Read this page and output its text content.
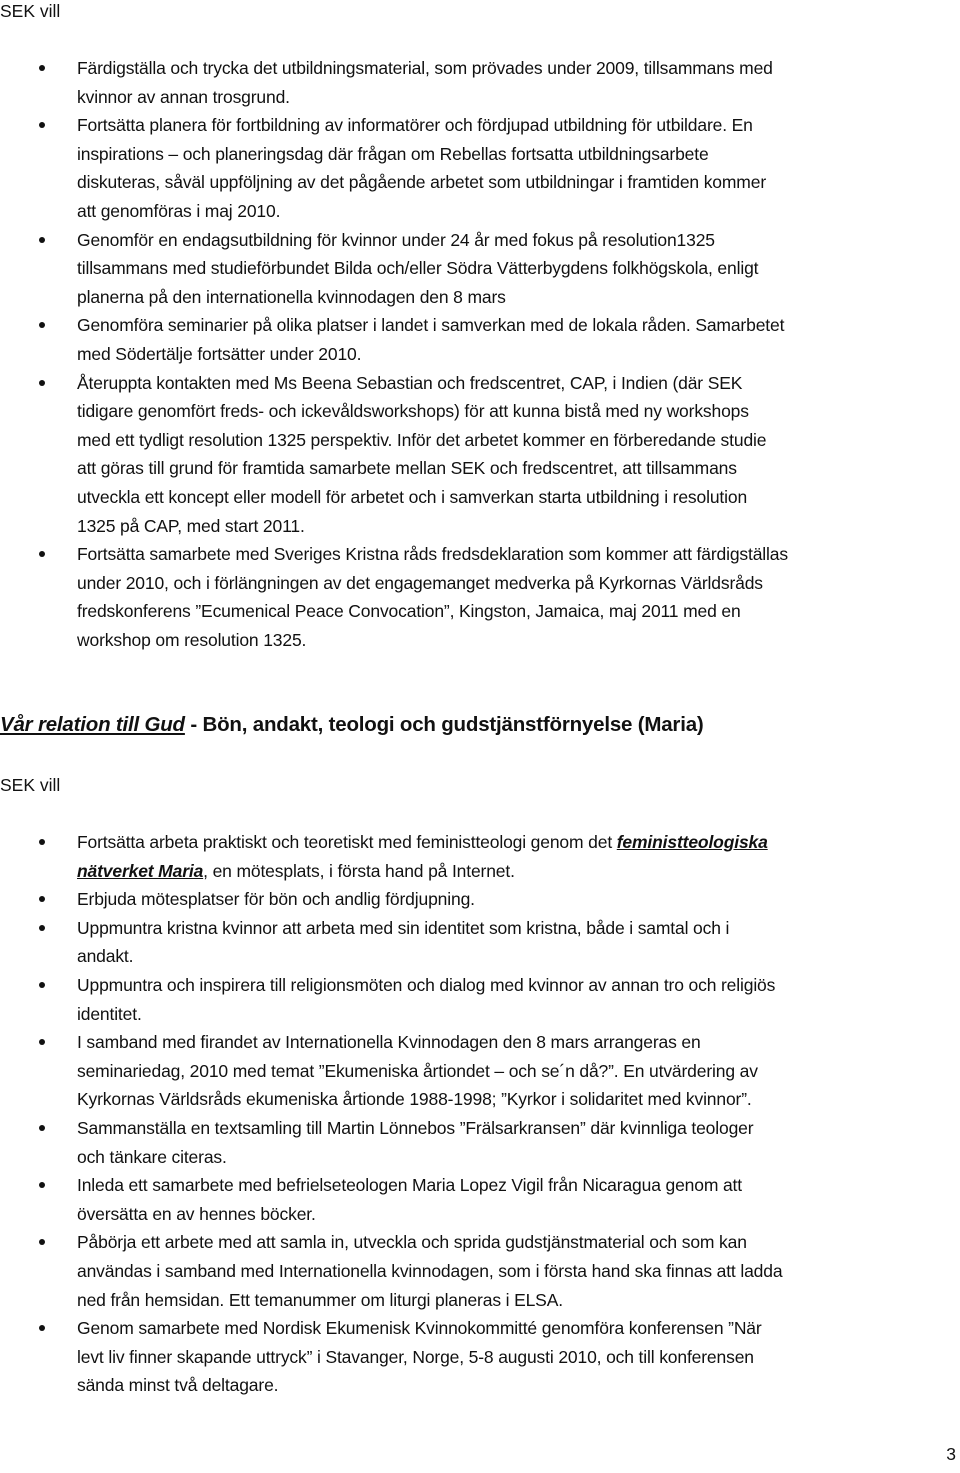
SEK vill
Färdigställa och trycka det utbildningsmaterial, som prövades under 2009, tillsammans med
kvinnor av annan trosgrund.
Fortsätta planera för fortbildning av informatörer och fördjupad utbildning för utbildare. En
inspirations – och planeringsdag där frågan om Rebellas fortsatta utbildningsarbete
diskuteras, såväl uppföljning av det pågående arbetet som utbildningar i framtiden kommer
att genomföras i maj 2010.
Genomför en endagsutbildning för kvinnor under 24 år med fokus på resolution1325
tillsammans med studieförbundet Bilda och/eller Södra Vätterbygdens folkhögskola, enligt
planerna på den internationella kvinnodagen den 8 mars
Genomföra seminarier på olika platser i landet i samverkan med de lokala råden. Samarbetet
med Södertälje fortsätter under 2010.
Återuppta kontakten med Ms Beena Sebastian och fredscentret, CAP, i Indien (där SEK
tidigare genomfört freds- och ickevåldsworkshops) för att kunna bistå med ny workshops
med ett tydligt resolution 1325 perspektiv. Inför det arbetet kommer en förberedande studie
att göras till grund för framtida samarbete mellan SEK och fredscentret, att tillsammans
utveckla ett koncept eller modell för arbetet och i samverkan starta utbildning i resolution
1325 på CAP, med start 2011.
Fortsätta samarbete med Sveriges Kristna råds fredsdeklaration som kommer att färdigställas
under 2010, och i förlängningen av det engagemanget medverka på Kyrkornas Världsråds
fredskonferens ”Ecumenical Peace Convocation”, Kingston, Jamaica, maj 2011 med en
workshop om resolution 1325.
Vår relation till Gud - Bön, andakt, teologi och gudstjänstförnyelse (Maria)
SEK vill
Fortsätta arbeta praktiskt och teoretiskt med feministteologi genom det feministteologiska
nätverket Maria, en mötesplats, i första hand på Internet.
Erbjuda mötesplatser för bön och andlig fördjupning.
Uppmuntra kristna kvinnor att arbeta med sin identitet som kristna, både i samtal och i
andakt.
Uppmuntra och inspirera till religionsmöten och dialog med kvinnor av annan tro och religiös
identitet.
I samband med firandet av Internationella Kvinnodagen den 8 mars arrangeras en
seminariedag, 2010 med temat ”Ekumeniska årtiondet – och se´n då?”. En utvärdering av
Kyrkornas Världsråds ekumeniska årtionde 1988-1998; ”Kyrkor i solidaritet med kvinnor”.
Sammanställa en textsamling till Martin Lönnebos ”Frälsarkransen” där kvinnliga teologer
och tänkare citeras.
Inleda ett samarbete med befrielseteologen Maria Lopez Vigil från Nicaragua genom att
översätta en av hennes böcker.
Påbörja ett arbete med att samla in, utveckla och sprida gudstjänstmaterial och som kan
användas i samband med Internationella kvinnodagen, som i första hand ska finnas att ladda
ned från hemsidan. Ett temanummer om liturgi planeras i ELSA.
Genom samarbete med Nordisk Ekumenisk Kvinnokommitté genomföra konferensen ”När
levt liv finner skapande uttryck” i Stavanger, Norge, 5-8 augusti 2010, och till konferensen
sända minst två deltagare.
3
